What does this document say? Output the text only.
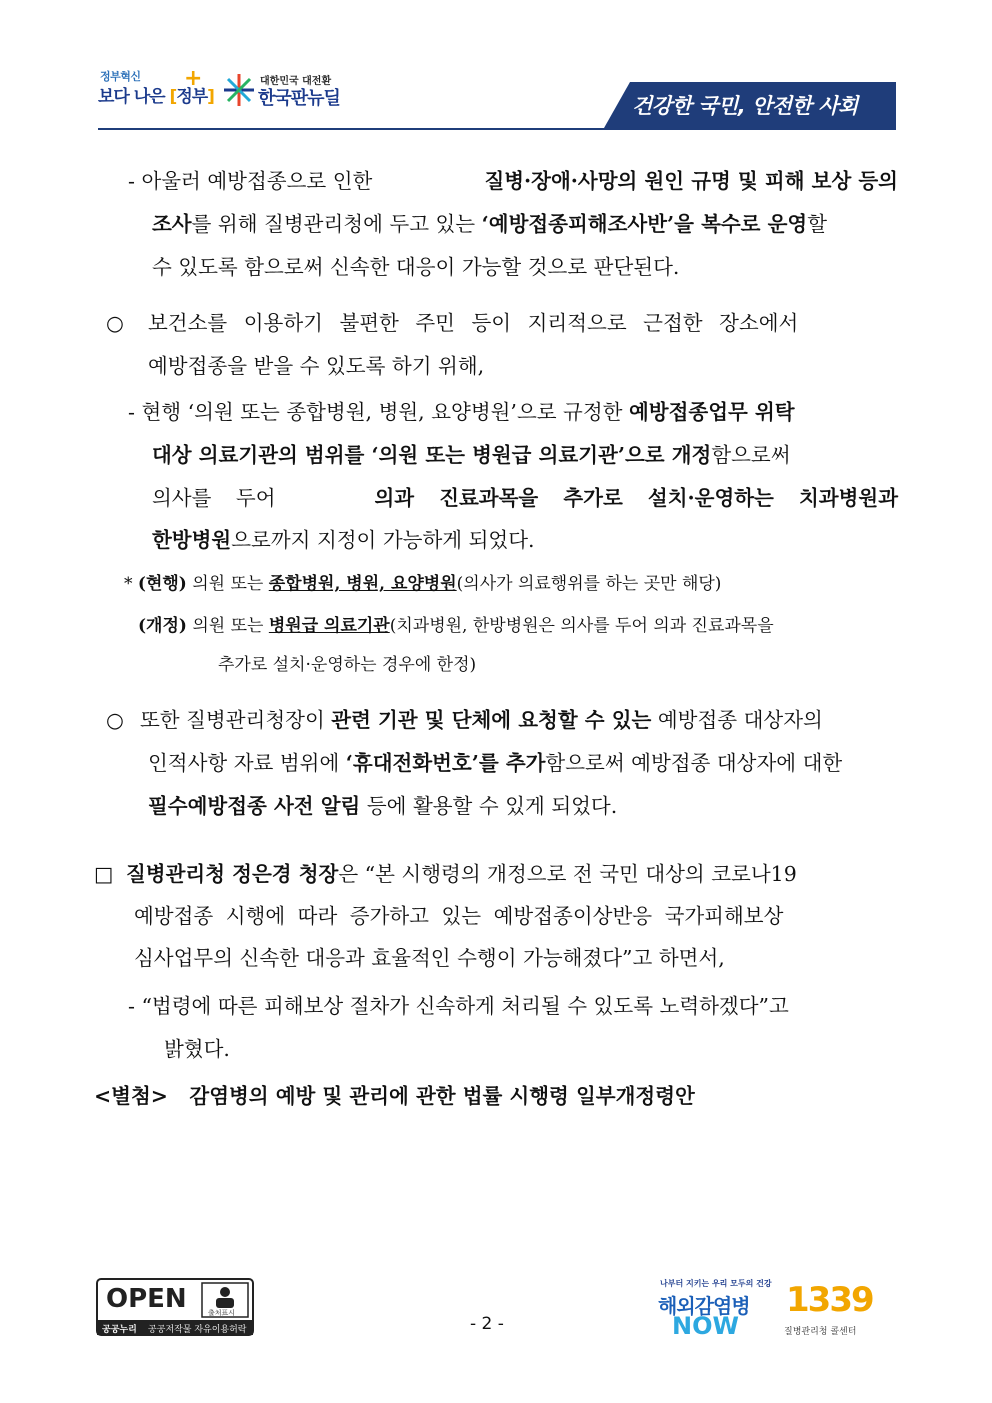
정부혁신
보다 나은 [정부]
+	대한민국 대전환
한국판뉴딜	건강한 국민, 안전한 사회
- 아울러 예방접종으로 인한	질병·장애·사망의 원인 규명 및 피해 보상 등의
조사를 위해 질병관리청에 두고 있는 ‘예방접종피해조사반’을 복수로 운영할
수 있도록 함으로써 신속한 대응이 가능할 것으로 판단된다.
○ 보건소를 이용하기 불편한 주민 등이 지리적으로 근접한 장소에서
예방접종을 받을 수 있도록 하기 위해,
- 현행 ‘의원 또는 종합병원, 병원, 요양병원’으로 규정한 예방접종업무 위탁
대상 의료기관의 범위를 ‘의원 또는 병원급 의료기관’으로 개정함으로써
의사를 두어	의과 진료과목을 추가로 설치·운영하는 치과병원과
한방병원으로까지 지정이 가능하게 되었다.
* (현행) 의원 또는 종합병원, 병원, 요양병원(의사가 의료행위를 하는 곳만 해당)
(개정) 의원 또는 병원급 의료기관(치과병원, 한방병원은 의사를 두어 의과 진료과목을
추가로 설치·운영하는 경우에 한정)
○ 또한 질병관리청장이 관련 기관 및 단체에 요청할 수 있는 예방접종 대상자의
인적사항 자료 범위에 ‘휴대전화번호’를 추가함으로써 예방접종 대상자에 대한
필수예방접종 사전 알림 등에 활용할 수 있게 되었다.
□ 질병관리청 정은경 청장은 “본 시행령의 개정으로 전 국민 대상의 코로나19
예방접종 시행에 따라 증가하고 있는 예방접종이상반응 국가피해보상
심사업무의 신속한 대응과 효율적인 수행이 가능해졌다”고 하면서,
- “법령에 따른 피해보상 절차가 신속하게 처리될 수 있도록 노력하겠다”고
밝혔다.
<별첨> 감염병의 예방 및 관리에 관한 법률 시행령 일부개정령안
OPEN	출처표시
공공누리 공공저작물 자유이용허락	- 2 -
나부터 지키는 우리 모두의 건강
해외감염병
NOW
1339
질병관리청 콜센터
